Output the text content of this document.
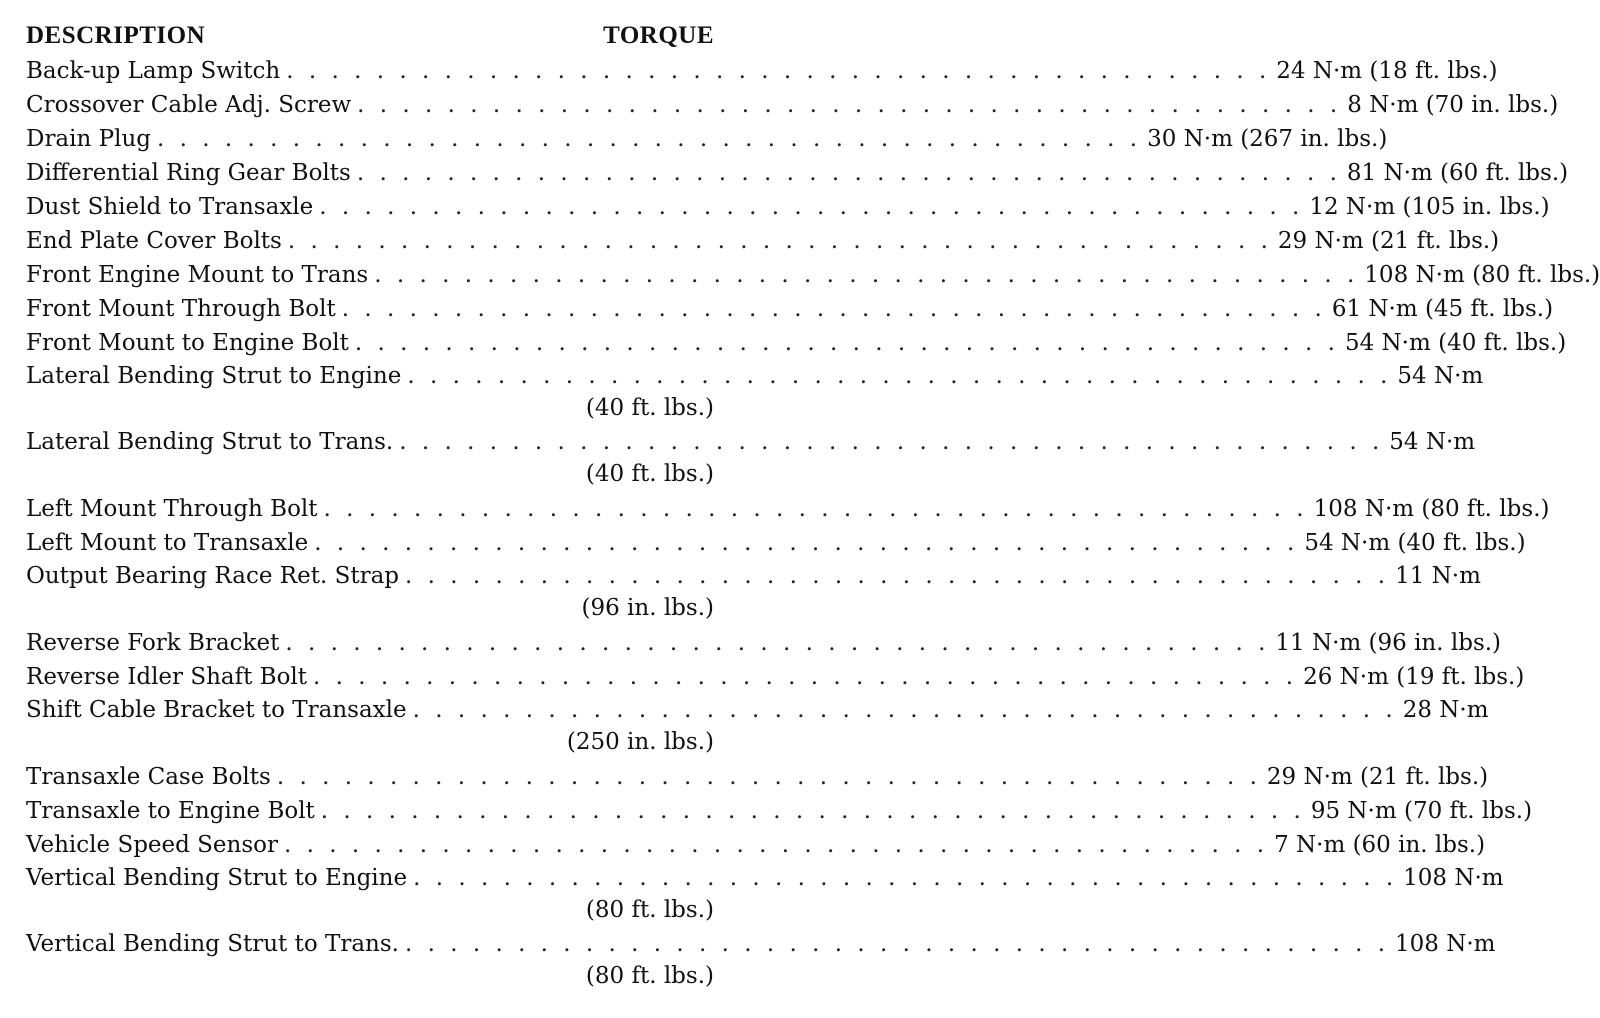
DESCRIPTION	TORQUE
Back-up Lamp Switch . . . . . . . . . . . . . . . . . . . . . . . . . . . . . . . . . . . . . . . . . . . . 24 N·m (18 ft. lbs.)
Crossover Cable Adj. Screw . . . . . . . . . . . . . . . . . . . . . . . . . . . . . . . . . . . . . . . . . . . . 8 N·m (70 in. lbs.)
Drain Plug . . . . . . . . . . . . . . . . . . . . . . . . . . . . . . . . . . . . . . . . . . . . 30 N·m (267 in. lbs.)
Differential Ring Gear Bolts . . . . . . . . . . . . . . . . . . . . . . . . . . . . . . . . . . . . . . . . . . . . 81 N·m (60 ft. lbs.)
Dust Shield to Transaxle . . . . . . . . . . . . . . . . . . . . . . . . . . . . . . . . . . . . . . . . . . . . 12 N·m (105 in. lbs.)
End Plate Cover Bolts . . . . . . . . . . . . . . . . . . . . . . . . . . . . . . . . . . . . . . . . . . . . 29 N·m (21 ft. lbs.)
Front Engine Mount to Trans . . . . . . . . . . . . . . . . . . . . . . . . . . . . . . . . . . . . . . . . . . . . 108 N·m (80 ft. lbs.)
Front Mount Through Bolt . . . . . . . . . . . . . . . . . . . . . . . . . . . . . . . . . . . . . . . . . . . . 61 N·m (45 ft. lbs.)
Front Mount to Engine Bolt . . . . . . . . . . . . . . . . . . . . . . . . . . . . . . . . . . . . . . . . . . . . 54 N·m (40 ft. lbs.)
Lateral Bending Strut to Engine . . . . . . . . . . . . . . . . . . . . . . . . . . . . . . . . . . . . . . . . . . . . 54 N·m
(40 ft. lbs.)
Lateral Bending Strut to Trans. . . . . . . . . . . . . . . . . . . . . . . . . . . . . . . . . . . . . . . . . . . . . 54 N·m
(40 ft. lbs.)
Left Mount Through Bolt . . . . . . . . . . . . . . . . . . . . . . . . . . . . . . . . . . . . . . . . . . . . 108 N·m (80 ft. lbs.)
Left Mount to Transaxle . . . . . . . . . . . . . . . . . . . . . . . . . . . . . . . . . . . . . . . . . . . . 54 N·m (40 ft. lbs.)
Output Bearing Race Ret. Strap . . . . . . . . . . . . . . . . . . . . . . . . . . . . . . . . . . . . . . . . . . . . 11 N·m
(96 in. lbs.)
Reverse Fork Bracket . . . . . . . . . . . . . . . . . . . . . . . . . . . . . . . . . . . . . . . . . . . . 11 N·m (96 in. lbs.)
Reverse Idler Shaft Bolt . . . . . . . . . . . . . . . . . . . . . . . . . . . . . . . . . . . . . . . . . . . . 26 N·m (19 ft. lbs.)
Shift Cable Bracket to Transaxle . . . . . . . . . . . . . . . . . . . . . . . . . . . . . . . . . . . . . . . . . . . . 28 N·m
(250 in. lbs.)
Transaxle Case Bolts . . . . . . . . . . . . . . . . . . . . . . . . . . . . . . . . . . . . . . . . . . . . 29 N·m (21 ft. lbs.)
Transaxle to Engine Bolt . . . . . . . . . . . . . . . . . . . . . . . . . . . . . . . . . . . . . . . . . . . . 95 N·m (70 ft. lbs.)
Vehicle Speed Sensor . . . . . . . . . . . . . . . . . . . . . . . . . . . . . . . . . . . . . . . . . . . . 7 N·m (60 in. lbs.)
Vertical Bending Strut to Engine . . . . . . . . . . . . . . . . . . . . . . . . . . . . . . . . . . . . . . . . . . . . 108 N·m
(80 ft. lbs.)
Vertical Bending Strut to Trans. . . . . . . . . . . . . . . . . . . . . . . . . . . . . . . . . . . . . . . . . . . . . 108 N·m
(80 ft. lbs.)
